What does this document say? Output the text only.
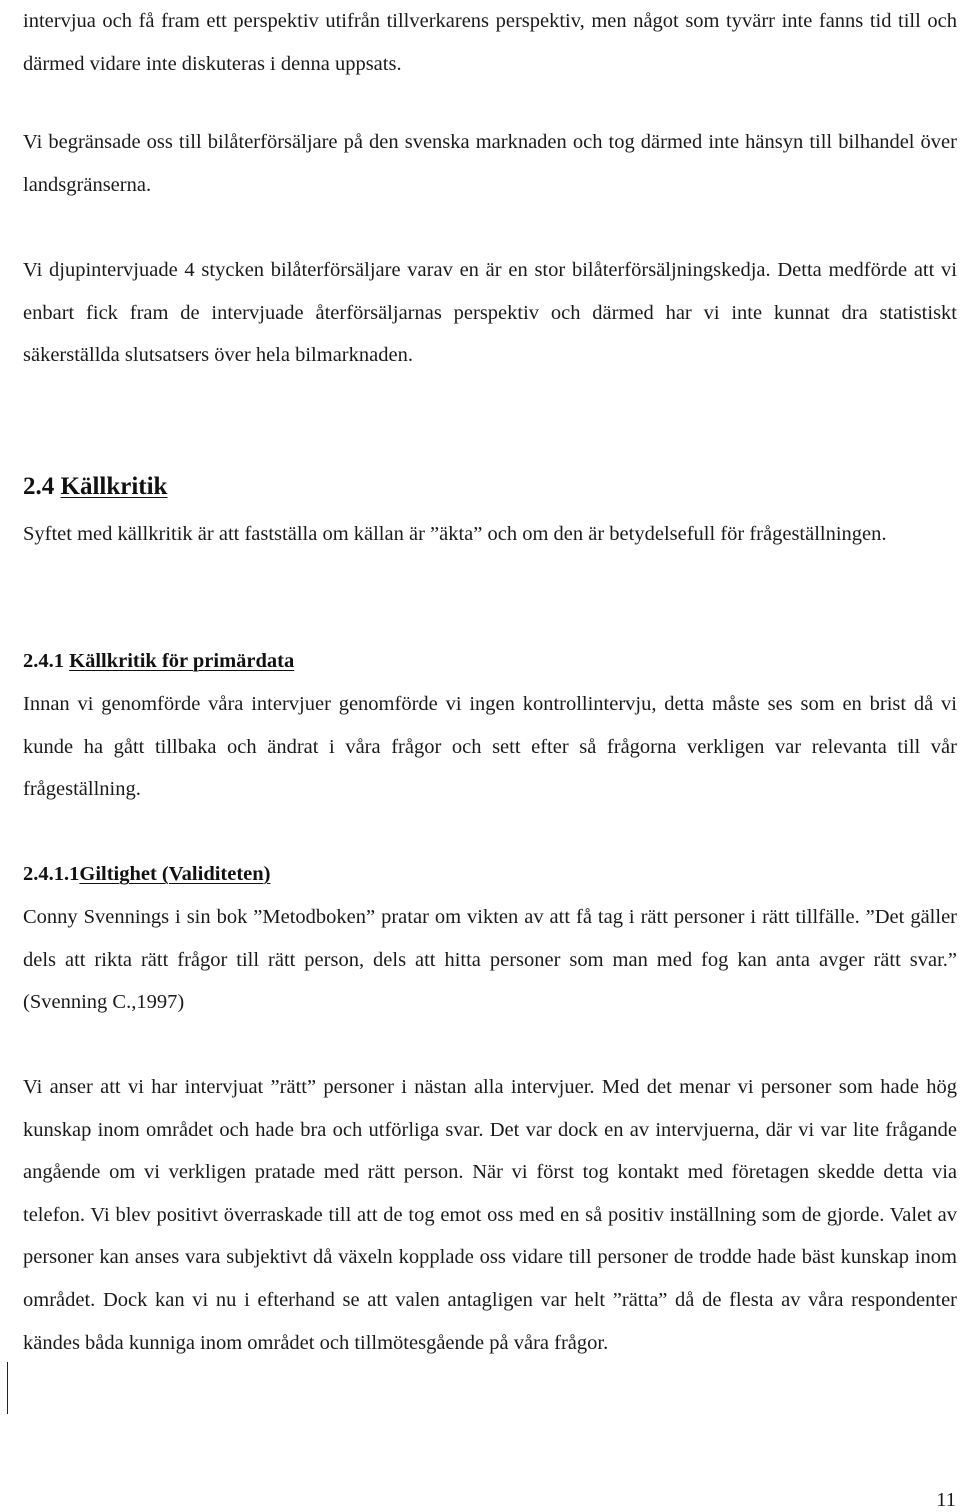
intervjua och få fram ett perspektiv utifrån tillverkarens perspektiv, men något som tyvärr inte fanns tid till och därmed vidare inte diskuteras i denna uppsats.

Vi begränsade oss till bilåterförsäljare på den svenska marknaden och tog därmed inte hänsyn till bilhandel över landsgränserna.

Vi djupintervjuade 4 stycken bilåterförsäljare varav en är en stor bilåterförsäljningskedja. Detta medförde att vi enbart fick fram de intervjuade återförsäljarnas perspektiv och därmed har vi inte kunnat dra statistiskt säkerställda slutsatsers över hela bilmarknaden.

2.4 Källkritik

Syftet med källkritik är att fastställa om källan är ”äkta” och om den är betydelsefull för frågeställningen.

2.4.1 Källkritik för primärdata

Innan vi genomförde våra intervjuer genomförde vi ingen kontrollintervju, detta måste ses som en brist då vi kunde ha gått tillbaka och ändrat i våra frågor och sett efter så frågorna verkligen var relevanta till vår frågeställning.

2.4.1.1Giltighet (Validiteten)

Conny Svennings i sin bok ”Metodboken” pratar om vikten av att få tag i rätt personer i rätt tillfälle. ”Det gäller dels att rikta rätt frågor till rätt person, dels att hitta personer som man med fog kan anta avger rätt svar.” (Svenning C.,1997)

Vi anser att vi har intervjuat ”rätt” personer i nästan alla intervjuer. Med det menar vi personer som hade hög kunskap inom området och hade bra och utförliga svar. Det var dock en av intervjuerna, där vi var lite frågande angående om vi verkligen pratade med rätt person. När vi först tog kontakt med företagen skedde detta via telefon. Vi blev positivt överraskade till att de tog emot oss med en så positiv inställning som de gjorde. Valet av personer kan anses vara subjektivt då växeln kopplade oss vidare till personer de trodde hade bäst kunskap inom området. Dock kan vi nu i efterhand se att valen antagligen var helt ”rätta” då de flesta av våra respondenter kändes båda kunniga inom området och tillmötesgående på våra frågor.

11
